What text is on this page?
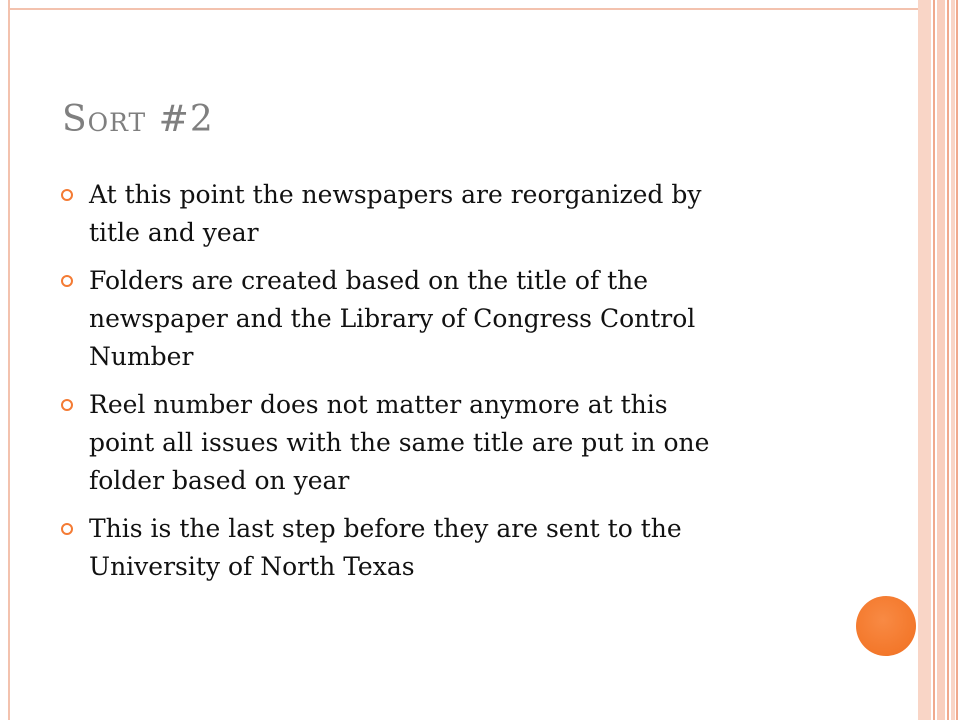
Sort #2
At this point the newspapers are reorganized by
title and year
Folders are created based on the title of the
newspaper and the Library of Congress Control
Number
Reel number does not matter anymore at this
point all issues with the same title are put in one
folder based on year
This is the last step before they are sent to the
University of North Texas
